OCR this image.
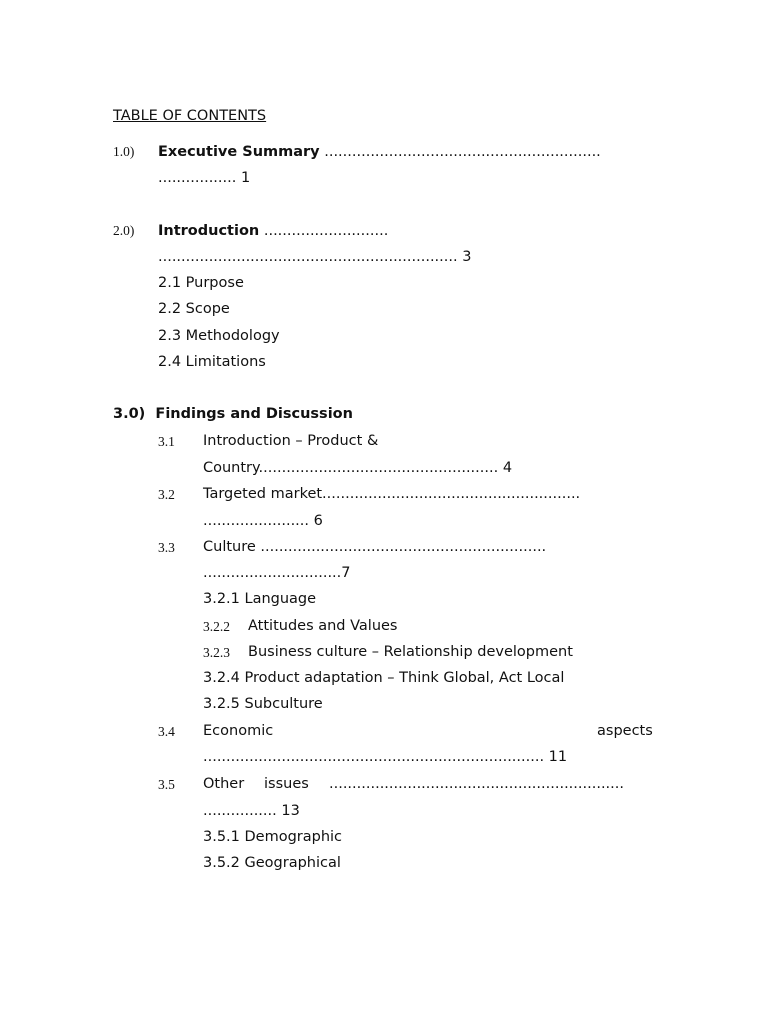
TABLE OF CONTENTS
1.0) Executive Summary ............................................................
................. 1
2.0) Introduction ...........................
................................................................. 3
2.1 Purpose
2.2 Scope
2.3 Methodology
2.4 Limitations
3.0)  Findings and Discussion
3.1 Introduction – Product &
Country.................................................... 4
3.2 Targeted market........................................................
....................... 6
3.3 Culture ..............................................................
..............................7
3.2.1 Language
3.2.2 Attitudes and Values
3.2.3 Business culture – Relationship development
3.2.4 Product adaptation – Think Global, Act Local
3.2.5 Subculture
3.4 Economic	aspects
.......................................................................... 11
3.5 Other issues ................................................................
................ 13
3.5.1 Demographic
3.5.2 Geographical
